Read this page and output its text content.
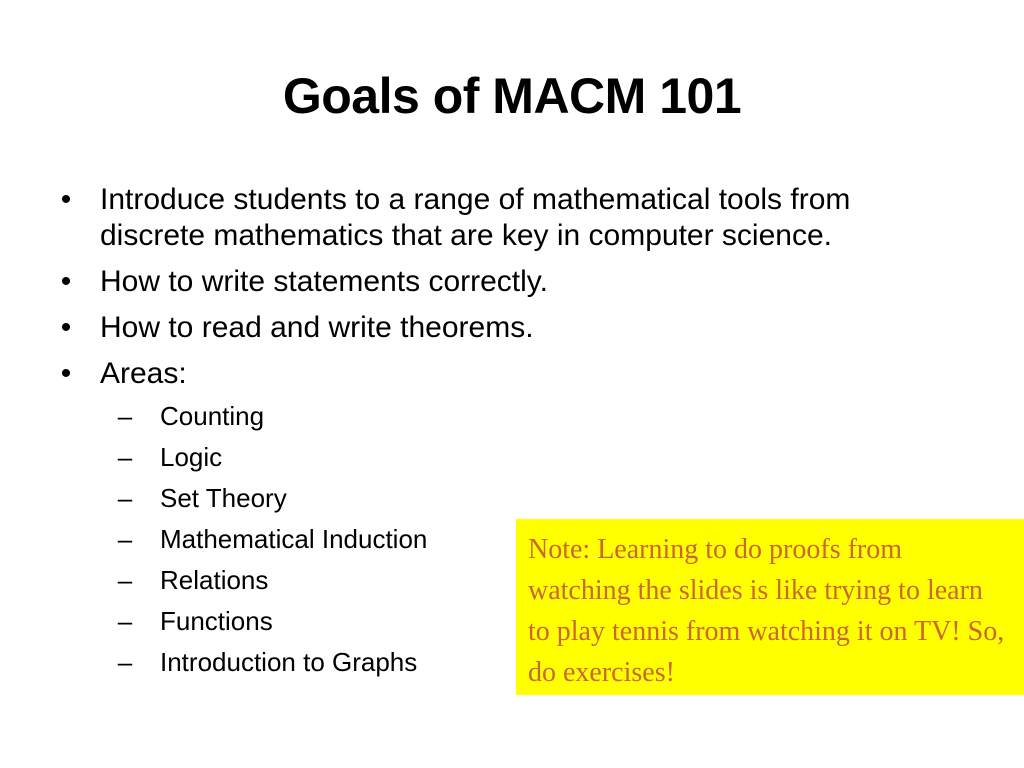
Goals of MACM 101
• Introduce students to a range of mathematical tools from discrete mathematics that are key in computer science.
• How to write statements correctly.
• How to read and write theorems.
• Areas:
– Counting
– Logic
– Set Theory
– Mathematical Induction
– Relations
– Functions
– Introduction to Graphs
Note: Learning to do proofs from watching the slides is like trying to learn to play tennis from watching it on TV! So, do exercises!
